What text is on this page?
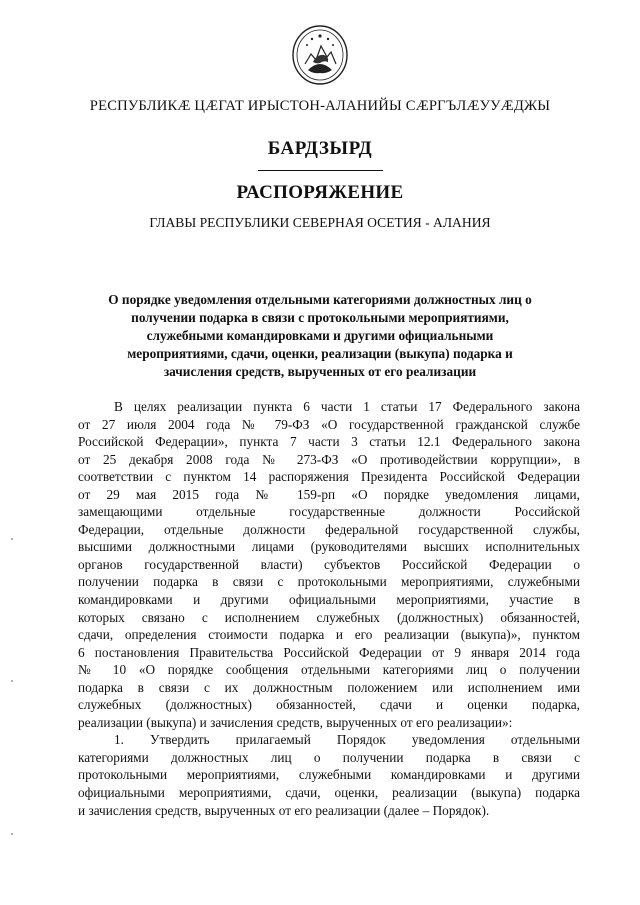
РЕСПУБЛИКӔ ЦӔГАТ ИРЫСТОН-АЛАНИЙЫ СӔРГЪЛӔУУӔДЖЫ
БАРДЗЫРД
РАСПОРЯЖЕНИЕ
ГЛАВЫ РЕСПУБЛИКИ СЕВЕРНАЯ ОСЕТИЯ - АЛАНИЯ
О порядке уведомления отдельными категориями должностных лиц о
получении подарка в связи с протокольными мероприятиями,
служебными командировками и другими официальными
мероприятиями, сдачи, оценки, реализации (выкупа) подарка и
зачисления средств, вырученных от его реализации
В целях реализации пункта 6 части 1 статьи 17 Федерального закона
от 27 июля 2004 года № 79-ФЗ «О государственной гражданской службе
Российской Федерации», пункта 7 части 3 статьи 12.1 Федерального закона
от 25 декабря 2008 года № 273-ФЗ «О противодействии коррупции», в
соответствии с пунктом 14 распоряжения Президента Российской Федерации
от 29 мая 2015 года № 159-рп «О порядке уведомления лицами,
замещающими отдельные государственные должности Российской
Федерации, отдельные должности федеральной государственной службы,
высшими должностными лицами (руководителями высших исполнительных
органов государственной власти) субъектов Российской Федерации о
получении подарка в связи с протокольными мероприятиями, служебными
командировками и другими официальными мероприятиями, участие в
которых связано с исполнением служебных (должностных) обязанностей,
сдачи, определения стоимости подарка и его реализации (выкупа)», пунктом
6 постановления Правительства Российской Федерации от 9 января 2014 года
№ 10 «О порядке сообщения отдельными категориями лиц о получении
подарка в связи с их должностным положением или исполнением ими
служебных (должностных) обязанностей, сдачи и оценки подарка,
реализации (выкупа) и зачисления средств, вырученных от его реализации»:
1. Утвердить прилагаемый Порядок уведомления отдельными
категориями должностных лиц о получении подарка в связи с
протокольными мероприятиями, служебными командировками и другими
официальными мероприятиями, сдачи, оценки, реализации (выкупа) подарка
и зачисления средств, вырученных от его реализации (далее – Порядок).
